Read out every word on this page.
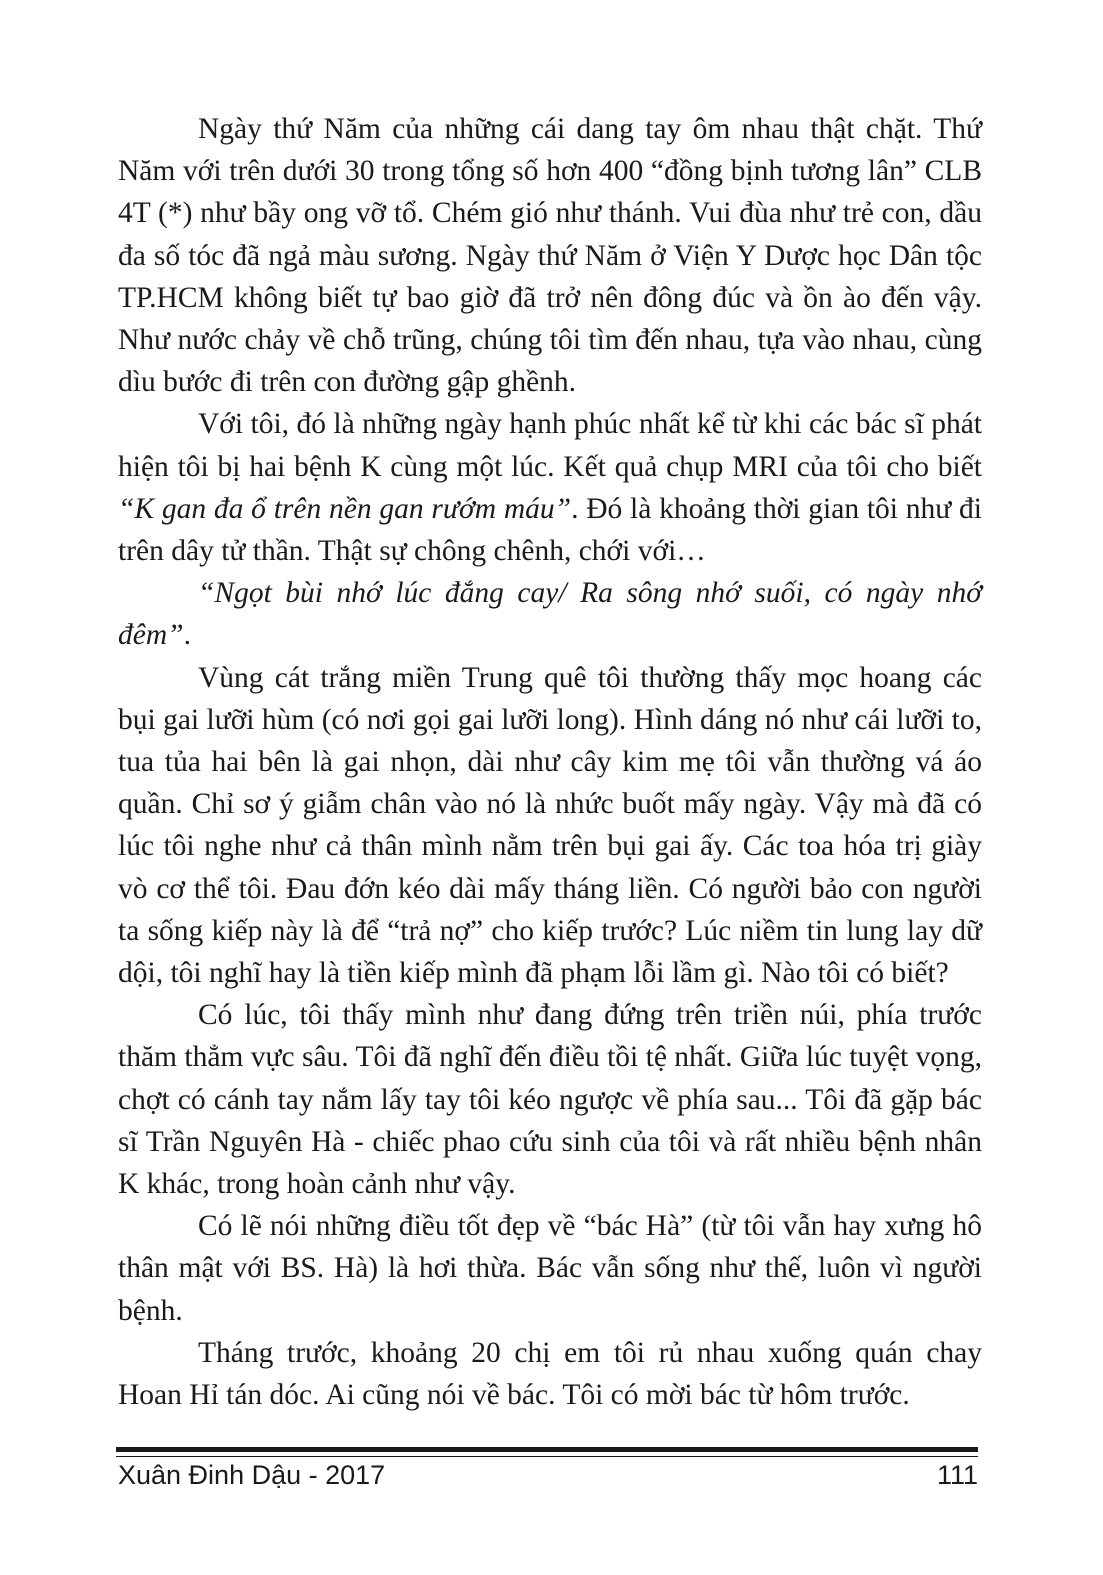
Ngày thứ Năm của những cái dang tay ôm nhau thật chặt. Thứ Năm với trên dưới 30 trong tổng số hơn 400 “đồng bịnh tương lân” CLB 4T (*) như bầy ong vỡ tổ. Chém gió như thánh. Vui đùa như trẻ con, dầu đa số tóc đã ngả màu sương. Ngày thứ Năm ở Viện Y Dược học Dân tộc TP.HCM không biết tự bao giờ đã trở nên đông đúc và ồn ào đến vậy. Như nước chảy về chỗ trũng, chúng tôi tìm đến nhau, tựa vào nhau, cùng dìu bước đi trên con đường gập ghềnh.

Với tôi, đó là những ngày hạnh phúc nhất kể từ khi các bác sĩ phát hiện tôi bị hai bệnh K cùng một lúc. Kết quả chụp MRI của tôi cho biết “K gan đa ổ trên nền gan rướm máu”. Đó là khoảng thời gian tôi như đi trên dây tử thần. Thật sự chông chênh, chới với…

“Ngọt bùi nhớ lúc đắng cay/ Ra sông nhớ suối, có ngày nhớ đêm”.

Vùng cát trắng miền Trung quê tôi thường thấy mọc hoang các bụi gai lưỡi hùm (có nơi gọi gai lưỡi long). Hình dáng nó như cái lưỡi to, tua tủa hai bên là gai nhọn, dài như cây kim mẹ tôi vẫn thường vá áo quần. Chỉ sơ ý giẫm chân vào nó là nhức buốt mấy ngày. Vậy mà đã có lúc tôi nghe như cả thân mình nằm trên bụi gai ấy. Các toa hóa trị giày vò cơ thể tôi. Đau đớn kéo dài mấy tháng liền. Có người bảo con người ta sống kiếp này là để “trả nợ” cho kiếp trước? Lúc niềm tin lung lay dữ dội, tôi nghĩ hay là tiền kiếp mình đã phạm lỗi lầm gì. Nào tôi có biết?

Có lúc, tôi thấy mình như đang đứng trên triền núi, phía trước thăm thẳm vực sâu. Tôi đã nghĩ đến điều tồi tệ nhất. Giữa lúc tuyệt vọng, chợt có cánh tay nắm lấy tay tôi kéo ngược về phía sau... Tôi đã gặp bác sĩ Trần Nguyên Hà - chiếc phao cứu sinh của tôi và rất nhiều bệnh nhân K khác, trong hoàn cảnh như vậy.

Có lẽ nói những điều tốt đẹp về “bác Hà” (từ tôi vẫn hay xưng hô thân mật với BS. Hà) là hơi thừa. Bác vẫn sống như thế, luôn vì người bệnh.

Tháng trước, khoảng 20 chị em tôi rủ nhau xuống quán chay Hoan Hỉ tán dóc. Ai cũng nói về bác. Tôi có mời bác từ hôm trước.

Xuân Đinh Dậu - 2017	111
